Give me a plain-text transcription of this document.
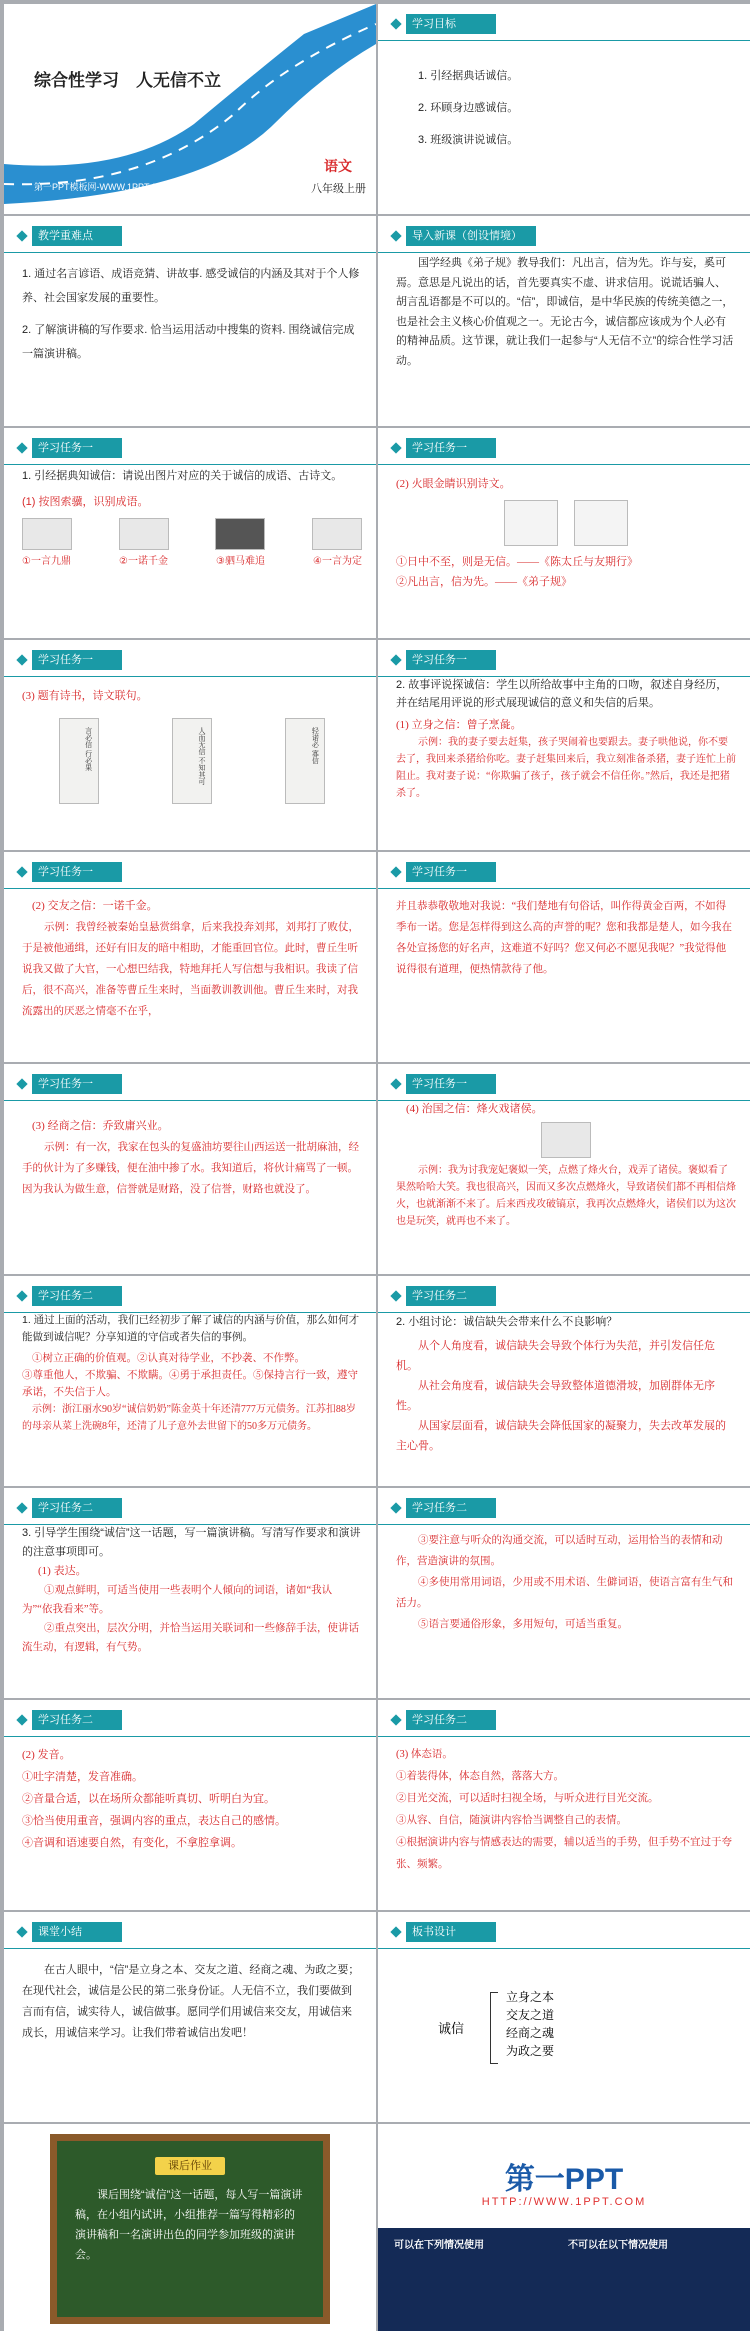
综合性学习　人无信不立
第一PPT模板网-WWW.1PPT.COM
语文
八年级上册
学习目标
1. 引经据典话诚信。
2. 环顾身边感诚信。
3. 班级演讲说诚信。
教学重难点
1. 通过名言谚语、成语竞猜、讲故事. 感受诚信的内涵及其对于个人修养、社会国家发展的重要性。
2. 了解演讲稿的写作要求. 恰当运用活动中搜集的资料. 围绕诚信完成一篇演讲稿。
导入新课（创设情境）
国学经典《弟子规》教导我们：凡出言，信为先。诈与妄，奚可焉。意思是凡说出的话，首先要真实不虚、讲求信用。说谎话骗人、胡言乱语都是不可以的。“信”，即诚信，是中华民族的传统美德之一，也是社会主义核心价值观之一。无论古今，诚信都应该成为个人必有的精神品质。这节课，就让我们一起参与“人无信不立”的综合性学习活动。
学习任务一
1. 引经据典知诚信：请说出图片对应的关于诚信的成语、古诗文。
(1) 按图索骥，识别成语。
①一言九鼎	②一诺千金	③驷马难追	④一言为定
学习任务一
(2) 火眼金睛识别诗文。
①日中不至，则是无信。——《陈太丘与友期行》
②凡出言，信为先。——《弟子规》
学习任务一
(3) 题有诗书，诗文联句。
言必信 行必果	人而无信 不知其可	轻诺必 寡信
学习任务一
2. 故事评说探诚信：学生以所给故事中主角的口吻，叙述自身经历，并在结尾用评说的形式展现诚信的意义和失信的后果。
(1) 立身之信：曾子烹彘。
示例：我的妻子要去赶集，孩子哭闹着也要跟去。妻子哄他说，你不要去了，我回来杀猪给你吃。妻子赶集回来后，我立刻准备杀猪，妻子连忙上前阻止。我对妻子说：“你欺骗了孩子，孩子就会不信任你。”然后，我还是把猪杀了。
学习任务一
(2) 交友之信：一诺千金。
示例：我曾经被秦始皇悬赏缉拿，后来我投奔刘邦，刘邦打了败仗，于是被他通缉，还好有旧友的暗中相助，才能重回官位。此时，曹丘生听说我又做了大官，一心想巴结我，特地拜托人写信想与我相识。我读了信后，很不高兴，准备等曹丘生来时，当面教训教训他。曹丘生来时，对我流露出的厌恶之情毫不在乎，
学习任务一
并且恭恭敬敬地对我说：“我们楚地有句俗话，叫作得黄金百两，不如得季布一诺。您是怎样得到这么高的声誉的呢？您和我都是楚人，如今我在各处宣扬您的好名声，这难道不好吗？您又何必不愿见我呢？”我觉得他说得很有道理，便热情款待了他。
学习任务一
(3) 经商之信：乔致庸兴业。
示例：有一次，我家在包头的复盛油坊要往山西运送一批胡麻油，经手的伙计为了多赚钱，便在油中掺了水。我知道后，将伙计痛骂了一顿。因为我认为做生意，信誉就是财路，没了信誉，财路也就没了。
学习任务一
(4) 治国之信：烽火戏诸侯。
示例：我为讨我宠妃褒姒一笑，点燃了烽火台，戏弄了诸侯。褒姒看了果然哈哈大笑。我也很高兴，因而又多次点燃烽火，导致诸侯们都不再相信烽火，也就渐渐不来了。后来西戎攻破镐京，我再次点燃烽火，诸侯们以为这次也是玩笑，就再也不来了。
学习任务二
1. 通过上面的活动，我们已经初步了解了诚信的内涵与价值，那么如何才能做到诚信呢？分享知道的守信或者失信的事例。
①树立正确的价值观。②认真对待学业，不抄袭、不作弊。
③尊重他人，不欺骗、不欺瞒。④勇于承担责任。⑤保持言行一致，遵守承诺，不失信于人。
示例：浙江丽水90岁“诚信奶奶”陈金英十年还清777万元债务。江苏扣88岁的母亲从菜上洗碗8年，还清了儿子意外去世留下的50多万元债务。
学习任务二
2. 小组讨论：诚信缺失会带来什么不良影响？
从个人角度看，诚信缺失会导致个体行为失范，并引发信任危机。
从社会角度看，诚信缺失会导致整体道德滑坡，加剧群体无序性。
从国家层面看，诚信缺失会降低国家的凝聚力，失去改革发展的主心骨。
学习任务二
3. 引导学生围绕“诚信”这一话题，写一篇演讲稿。写清写作要求和演讲的注意事项即可。
(1) 表达。
①观点鲜明，可适当使用一些表明个人倾向的词语，诸如“我认为”“依我看来”等。
②重点突出，层次分明，并恰当运用关联词和一些修辞手法，使讲话流生动，有逻辑，有气势。
学习任务二
③要注意与听众的沟通交流，可以适时互动，运用恰当的表情和动作，营造演讲的氛围。
④多使用常用词语，少用或不用术语、生僻词语，使语言富有生气和活力。
⑤语言要通俗形象，多用短句，可适当重复。
学习任务二
(2) 发音。
①吐字清楚，发音准确。
②音量合适，以在场所众都能听真切、听明白为宜。
③恰当使用重音，强调内容的重点，表达自己的感情。
④音调和语速要自然，有变化，不拿腔拿调。
学习任务二
(3) 体态语。
①着装得体，体态自然，落落大方。
②目光交流，可以适时扫视全场，与听众进行目光交流。
③从容、自信，随演讲内容恰当调整自己的表情。
④根据演讲内容与情感表达的需要，辅以适当的手势，但手势不宜过于夸张、频繁。
课堂小结
在古人眼中，“信”是立身之本、交友之道、经商之魂、为政之要；在现代社会，诚信是公民的第二张身份证。人无信不立，我们要做到言而有信，诚实待人，诚信做事。愿同学们用诚信来交友，用诚信来成长，用诚信来学习。让我们带着诚信出发吧！
板书设计
诚信
立身之本
交友之道
经商之魂
为政之要
课后作业
课后围绕“诚信”这一话题，每人写一篇演讲稿，在小组内试讲，小组推荐一篇写得精彩的演讲稿和一名演讲出色的同学参加班级的演讲会。
第一PPT
HTTP://WWW.1PPT.COM
可以在下列情况使用	不可以在以下情况使用
